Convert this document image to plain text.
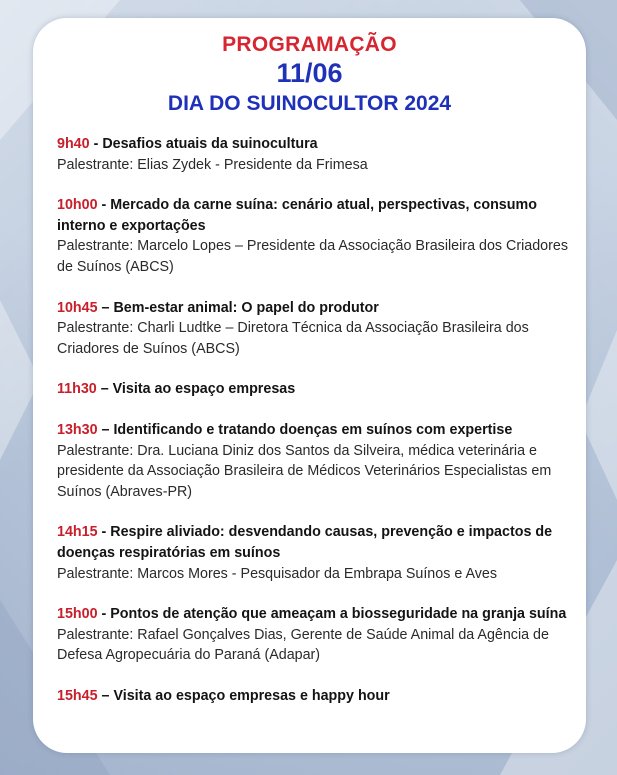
PROGRAMAÇÃO
11/06
DIA DO SUINOCULTOR 2024
9h40 - Desafios atuais da suinocultura
Palestrante: Elias Zydek - Presidente da Frimesa
10h00 - Mercado da carne suína: cenário atual, perspectivas, consumo interno e exportações
Palestrante: Marcelo Lopes – Presidente da Associação Brasileira dos Criadores de Suínos (ABCS)
10h45 – Bem-estar animal: O papel do produtor
Palestrante: Charli Ludtke – Diretora Técnica da Associação Brasileira dos Criadores de Suínos (ABCS)
11h30 – Visita ao espaço empresas
13h30 – Identificando e tratando doenças em suínos com expertise
Palestrante: Dra. Luciana Diniz dos Santos da Silveira, médica veterinária e presidente da Associação Brasileira de Médicos Veterinários Especialistas em Suínos (Abraves-PR)
14h15 - Respire aliviado: desvendando causas, prevenção e impactos de doenças respiratórias em suínos
Palestrante: Marcos Mores - Pesquisador da Embrapa Suínos e Aves
15h00 - Pontos de atenção que ameaçam a biosseguridade na granja suína
Palestrante: Rafael Gonçalves Dias, Gerente de Saúde Animal da Agência de Defesa Agropecuária do Paraná (Adapar)
15h45 – Visita ao espaço empresas e happy hour
